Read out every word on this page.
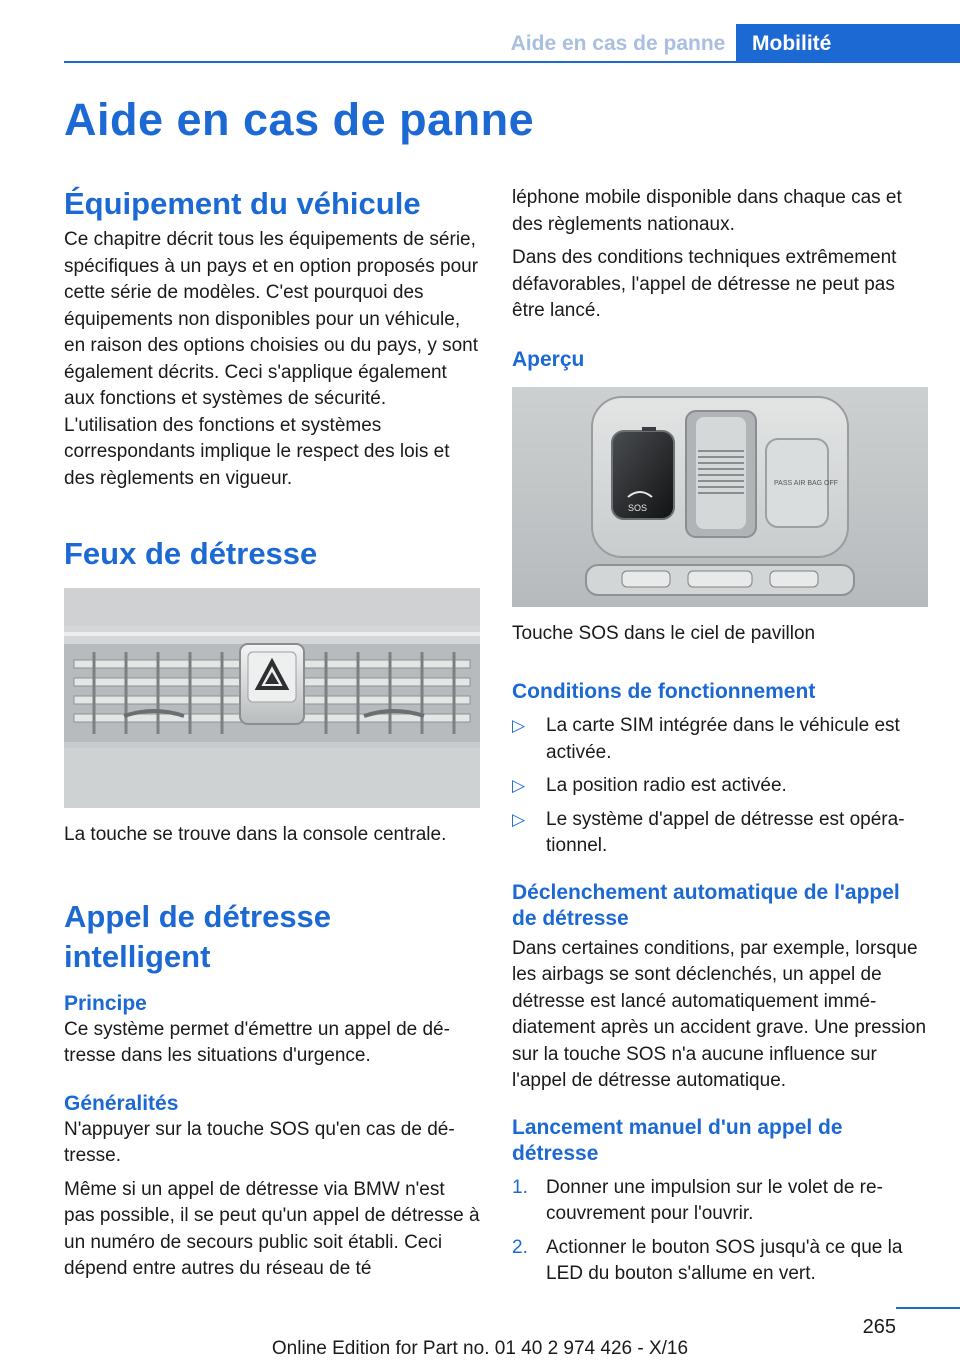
Aide en cas de panne	Mobilité
Aide en cas de panne
Équipement du véhicule

Ce chapitre décrit tous les équipements de série, spécifiques à un pays et en option proposés pour cette série de modèles. C'est pourquoi des équipements non disponibles pour un véhicule, en raison des options choisies ou du pays, y sont également décrits. Ceci s'applique également aux fonctions et systèmes de sécurité. L'utilisation des fonctions et systèmes correspondants implique le respect des lois et des règlements en vigueur.

Feux de détresse

La touche se trouve dans la console centrale.

Appel de détresse intelligent
Principe

Ce système permet d'émettre un appel de détresse dans les situations d'urgence.

Généralités

N'appuyer sur la touche SOS qu'en cas de détresse.

Même si un appel de détresse via BMW n'est pas possible, il se peut qu'un appel de détresse à un numéro de secours public soit établi. Ceci dépend entre autres du réseau de té

léphone mobile disponible dans chaque cas et des règlements nationaux.

Dans des conditions techniques extrêmement défavorables, l'appel de détresse ne peut pas être lancé.

Aperçu
SOS
PASS AIR BAG OFF

Touche SOS dans le ciel de pavillon

Conditions de fonctionnement
▷ La carte SIM intégrée dans le véhicule est activée.
▷ La position radio est activée.
▷ Le système d'appel de détresse est opérationnel.
Déclenchement automatique de l'appel de détresse

Dans certaines conditions, par exemple, lorsque les airbags se sont déclenchés, un appel de détresse est lancé automatiquement immédiatement après un accident grave. Une pression sur la touche SOS n'a aucune influence sur l'appel de détresse automatique.

Lancement manuel d'un appel de détresse
1. Donner une impulsion sur le volet de recouvrement pour l'ouvrir.
2. Actionner le bouton SOS jusqu'à ce que la LED du bouton s'allume en vert.
265
Online Edition for Part no. 01 40 2 974 426 - X/16
